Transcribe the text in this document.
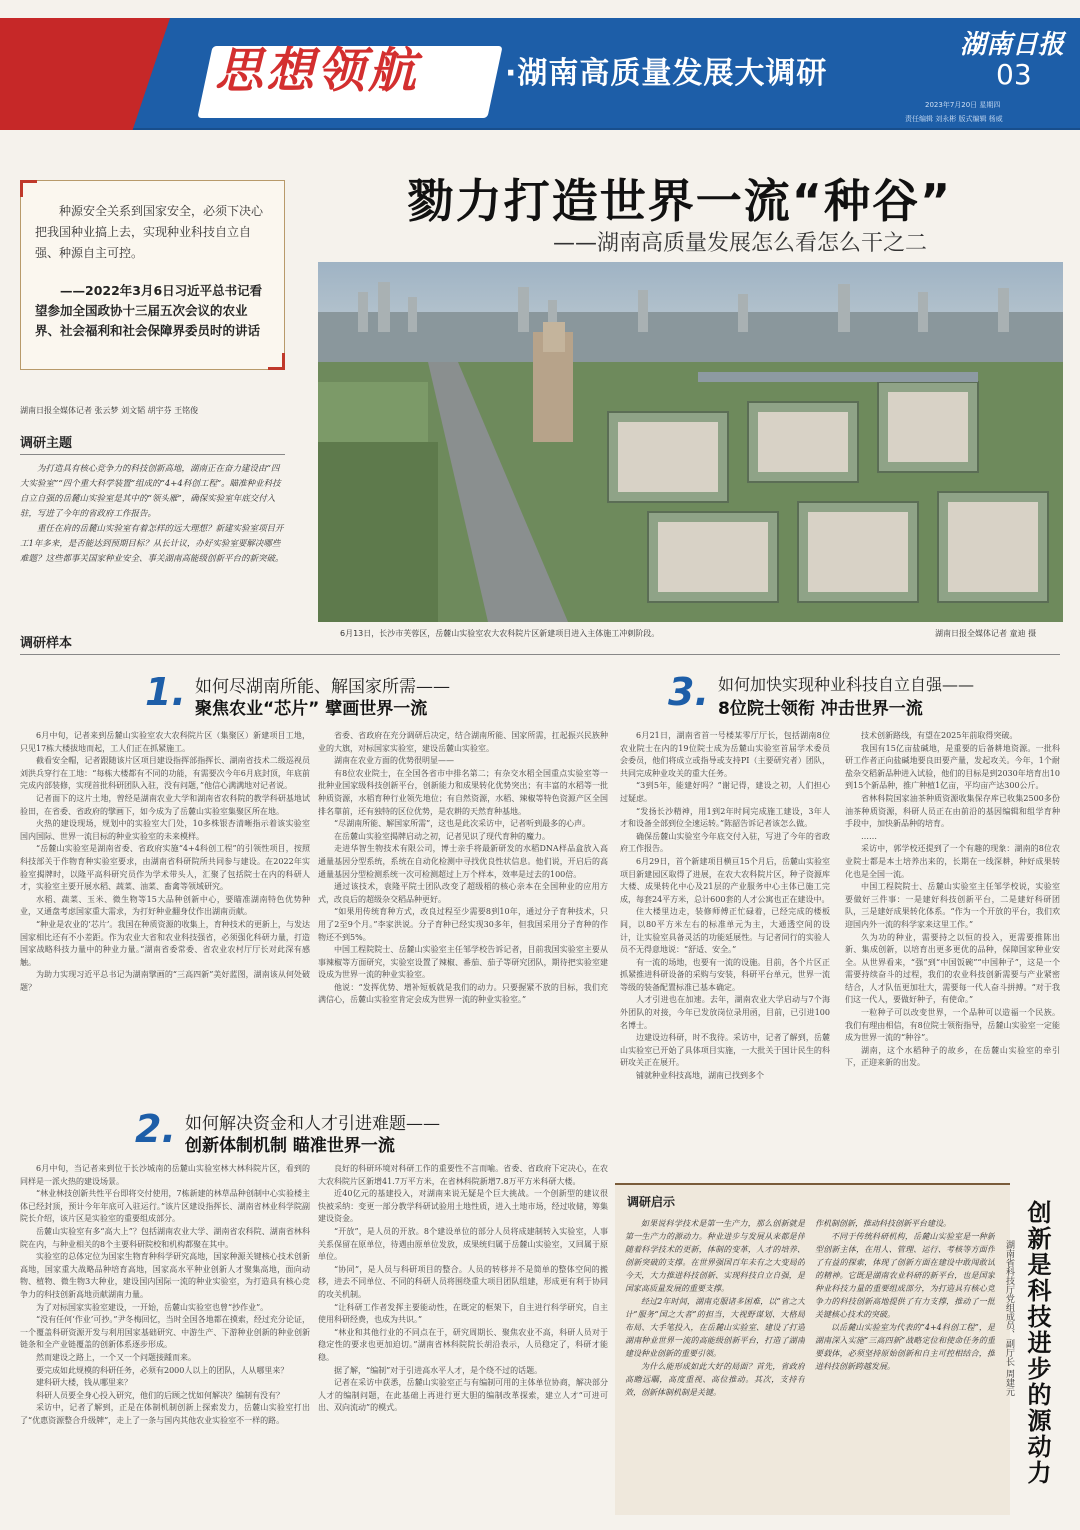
思想领航	·湖南高质量发展大调研
湖南日报
03
2023年7月20日 星期四
责任编辑 刘永彬 版式编辑 杨威
勠力打造世界一流“种谷”
——湖南高质量发展怎么看怎么干之二
种源安全关系到国家安全，必须下决心把我国种业搞上去，实现种业科技自立自强、种源自主可控。
——2022年3月6日习近平总书记看望参加全国政协十三届五次会议的农业界、社会福利和社会保障界委员时的讲话
湖南日报全媒体记者 张云梦 刘文韬 胡宇芬 王铭俊
调研主题

为打造具有核心竞争力的科技创新高地，湖南正在奋力建设由“四大实验室”“四个重大科学装置”组成的“4+4科创工程”。瞄准种业科技自立自强的岳麓山实验室是其中的“领头雁”，确保实验室年底交付入驻，写进了今年的省政府工作报告。

重任在肩的岳麓山实验室有着怎样的远大理想？新建实验室项目开工1年多来，是否能达到预期目标？从长计议，办好实验室要解决哪些难题？这些都事关国家种业安全、事关湖南高能级创新平台的新突破。

调研样本
6月13日，长沙市芙蓉区，岳麓山实验室农大农科院片区新建项目进入主体施工冲刺阶段。	湖南日报全媒体记者 童迪 摄
1. 如何尽湖南所能、解国家所需——
聚焦农业“芯片” 擘画世界一流

6月中旬，记者来到岳麓山实验室农大农科院片区（集聚区）新建项目工地，只见17栋大楼拔地而起，工人们正在抓紧施工。

截看安全帽，记者跟随该片区项目建设指挥部指挥长、湖南省技术二级巡视员刘洪兵穿行在工地：“每栋大楼都有不同的功能，有需要次今年6月底封顶，年底前完成内部装修，实现首批科研团队入驻，没有问题，”他信心满满地对记者说。

记者面下的这片土地，曾经是湖南农业大学和湖南省农科院的教学科研基地试验田，在省委、省政府的擘画下，如今成为了岳麓山实验室集聚区所在地。

火热的建设现场，规划中的实验室大门处，10多株银杏清晰指示着该实验室国内国际、世界一流目标的种业实验室的未来模样。

“岳麓山实验室是湖南省委、省政府实施“4+4科创工程”的引领性项目，按照科技部关于作物育种实验室要求，由湖南省科研院所共同参与建设。在2022年实验室揭牌时，以隆平高科研究员作为学术带头人，汇聚了包括院士在内的科研人才，实验室主要开展水稻、蔬菜、油菜、畜禽等领域研究。

水稻、蔬菜、玉米、微生物等15大品种创新中心，要瞄准湖南特色优势种业，又通盘考虑国家重大需求，为打好种业翻身仗作出湖南贡献。

“种业是农业的‘芯片’。我国在种质资源的收集上，育种技术的更新上，与发达国家相比还有不小差距。作为农业大省和农业科技强省，必须强化科研力量，打造国家战略科技力量中的种业力量。”湖南省委常委、省农业农村厅厅长对此深有感触。

为助力实现习近平总书记为湖南擘画的“三高四新”美好蓝图，湖南该从何处破题？

省委、省政府在充分调研后决定，结合湖南所能、国家所需，扛起振兴民族种业的大旗，对标国家实验室，建设岳麓山实验室。

湖南在农业方面的优势很明显——

有8位农业院士，在全国各省市中排名第二；有杂交水稻全国重点实验室等一批种业国家级科技创新平台，创新能力和成果转化优势突出；有丰富的水稻等一批种质资源，水稻育种行业领先地位；有自然资源，水稻、辣椒等特色资源产区全国排名靠前，还有独特的区位优势，是农耕的天然育种基地。

“尽湖南所能、解国家所需”，这也是此次采访中，记者听到最多的心声。

在岳麓山实验室揭牌启动之初，记者见识了现代育种的魔力。

走进华智生物技术有限公司，博士亲手将最新研发的水稻DNA样品盒放入高通量基因分型系统，系统在自动化检测中寻找优良性状信息。他们说，开启后的高通量基因分型检测系统一次可检测超过上万个样本，效率是过去的100倍。

通过该技术，袁隆平院士团队改变了超级稻的核心亲本在全国种业的应用方式，改良后的超级杂交稻品种更好。

“如果用传统育种方式，改良过程至少需要8到10年，通过分子育种技术，只用了2至9个月。”李家洪说。分子育种已经实现30多年，但我国采用分子育种的作物还不到5%。

中国工程院院士、岳麓山实验室主任邹学校告诉记者，目前我国实验室主要从事辣椒等方面研究，实验室设置了辣椒、番茄、茄子等研究团队，期待把实验室建设成为世界一流的种业实验室。

他说：“发挥优势、增补短板就是我们的动力。只要握紧不放的目标，我们充满信心，岳麓山实验室肯定会成为世界一流的种业实验室。”

2. 如何解决资金和人才引进难题——
创新体制机制 瞄准世界一流

6月中旬，当记者来到位于长沙城南的岳麓山实验室林大林科院片区，看到的同样是一派火热的建设场景。

“林业林技创新共性平台即将交付使用，7栋新建的林草品种创制中心实验楼主体已经封顶，预计今年年底可入驻运行。”该片区建设指挥长、湖南省林业科学院副院长介绍，该片区是实验室的重要组成部分。

岳麓山实验室有多“高大上”？包括湖南农业大学、湖南省农科院、湖南省林科院在内，与种业相关的8个主要科研院校和机构都聚在其中。

实验室的总体定位为国家生物育种科学研究高地，国家种源关键核心技术创新高地，国家重大战略品种培育高地，国家高水平种业创新人才聚集高地，面向动物、植物、微生物3大种业，建设国内国际一流的种业实验室，为打造具有核心竞争力的科技创新高地贡献湖南力量。

为了对标国家实验室建设，一开始，岳麓山实验室也曾“抄作业”。

“没有任何‘作业’可抄。”尹冬梅回忆，当时全国各地都在摸索，经过充分论证，一个覆盖科研资源开发与利用国家基础研究、中游生产、下游种业创新的种业创新链条和全产业链覆盖的创新体系逐步形成。

然而建设之路上，一个又一个问题接踵而来。

要完成如此规模的科研任务，必须有2000人以上的团队，人从哪里来？

建科研大楼，钱从哪里来？

科研人员要全身心投入研究，他们的后顾之忧如何解决？编制有没有？

采访中，记者了解到，正是在体制机制创新上探索发力，岳麓山实验室打出了“优惠资源整合升级牌”，走上了一条与国内其他农业实验室不一样的路。

良好的科研环境对科研工作的重要性不言而喻。省委、省政府下定决心，在农大农科院片区新增41.7万平方米，在省林科院新增7.8万平方米科研大楼。

近40亿元的基建投入，对湖南来说无疑是个巨大挑战。一个创新型的建议很快被采纳：变更一部分教学科研试验用土地性质，进入土地市场，经过收储，筹集建设资金。

“开放”，是人员的开放。8个建设单位的部分人员将成建制转入实验室，人事关系保留在原单位，待遇由原单位发放，成果统归属于岳麓山实验室，又回属于原单位。

“协同”，是人员与科研项目的整合。人员的转移并不是简单的整体空间的搬移，进去不同单位、不同的科研人员将围绕重大项目团队组建，形成更有利于协同的攻关机制。

“让科研工作者发挥主要能动性，在既定的框架下，自主进行科学研究，自主使用科研经费，也成为共识。”

“林业和其他行业的不同点在于，研究周期长、聚焦农业不高，科研人员对于稳定性的要求也更加迫切。”湖南省林科院院长胡沿表示，人员稳定了，科研才能稳。

据了解，“编制”对于引进高水平人才，是个绕不过的话题。

记者在采访中获悉，岳麓山实验室正与有编制可用的主体单位协商，解决部分人才的编制问题，在此基础上再进行更大胆的编制改革探索，建立人才“可进可出、双向流动”的模式。

3. 如何加快实现种业科技自立自强——
8位院士领衔 冲击世界一流

6月21日，湖南省首一号楼某零厅厅长，包括湖南8位农业院士在内的19位院士成为岳麓山实验室首届学术委员会委员，他们将成立或指导或支持PI（主要研究者）团队，共同完成种业攻关的重大任务。

“3到5年，能建好吗？”谢记得，建设之初，人们担心过疑虑。

“发扬长沙精神，用1到2年时间完成施工建设，3年人才和设备全部到位全速运转。”陈韶告诉记者该怎么做。

确保岳麓山实验室今年底交付入驻，写进了今年的省政府工作报告。

6月29日，首个新建项目横亘15个月后，岳麓山实验室项目新建园区取得了进展，在农大农科院片区，种子资源库大楼、成果转化中心及21层的产业服务中心主体已施工完成，每套24平方米，总计600套的人才公寓也正在建设中。

住大楼里边走，装修师傅正忙碌着，已经完成的楼板间，以80平方米左右的标准单元为主，大通透空间的设计，让实验室具备灵活的功能延展性。与记者同行的实验人员不无得意地说：“舒适、安全。”

有一流的场地，也要有一流的设施。目前，各个片区正抓紧推进科研设备的采购与安装，科研平台单元，世界一流等级的装备配置标准已基本确定。

人才引进也在加速。去年，湖南农业大学启动与7个海外团队的对接，今年已发放岗位录用函，目前，已引进100名博士。

边建设边科研，时不我待。采访中，记者了解到，岳麓山实验室已开始了具体项目实施，一大批关于国计民生的科研攻关正在展开。

铺就种业科技高地，湖南已找到多个

技术创新路线，有望在2025年前取得突破。

我国有15亿亩盐碱地，是重要的后备耕地资源。一批科研工作者正向盐碱地要良田要产量，发起攻关。今年，1个耐盐杂交稻新品种进入试验，他们的目标是到2030年培育出10到15个新品种，推广种植1亿亩，平均亩产达300公斤。

省林科院国家油茶种质资源收集保存库已收集2500多份油茶种质资源，科研人员正在由前沿的基因编辑和组学育种手段中，加快新品种的培育。

……

采访中，郭学校还提到了一个有趣的现象：湖南的8位农业院士都是本土培养出来的，长期在一线深耕，种好成果转化也是全国一流。

中国工程院院士、岳麓山实验室主任邹学校说，实验室要做好三件事：一是建好科技创新平台，二是建好科研团队，三是建好成果转化体系。“作为一个开放的平台，我们欢迎国内外一流的科学家来这里工作。”

久为功的种业，需要持之以恒的投入，更需要推陈出新、集成创新，以培育出更多更优的品种，保障国家种业安全。从世界看来，“强”到“中国饭碗”“中国种子”，这是一个需要持续奋斗的过程，我们的农业科技创新需要与产业紧密结合，人才队伍更加壮大，需要每一代人奋斗拼搏。“对于我们这一代人，要做好种子，有使命。”

一粒种子可以改变世界，一个品种可以造福一个民族。我们有理由相信，有8位院士领衔指导，岳麓山实验室一定能成为世界一流的“种谷”。

湖南，这个水稻种子的故乡，在岳麓山实验室的牵引下，正迎来新的出发。

调研启示

如果说科学技术是第一生产力，那么创新就是第一生产力的源动力。种业进步与发展从来都是伴随着科学技术的更新，体制的变革，人才的培养、创新突破的支撑。在世界强国百年未有之大变局的今天，大力推进科技创新、实现科技自立自强，是国家高质量发展的重要支撑。

经过2年时间，湖南克服诸多困难，以“省之大计”服务“国之大者”的担当，大视野谋划、大格局布局、大手笔投入，在岳麓山实验室、建设了打造湖南种业世界一流的高能级创新平台，打造了湖南建设种业创新的重要引领。

为什么能形成如此大好的局面？首先，省政府高瞻远瞩，高度重视、高位推动。其次，支持有效，创新体制机制是关键。

作机制创新，推动科技创新平台建设。

不同于传统科研机构，岳麓山实验室是一种新型创新主体，在用人、管理、运行、考核等方面作了有益的探索，体现了创新方面在建设中敢闯敢试的精神。它既是湖南农业科研的新平台，也是国家种业科技力量的重要组成部分，为打造具有核心竞争力的科技创新高地提供了有力支撑，推动了一批关键核心技术的突破。

以岳麓山实验室为代表的“4+4科创工程”，是湖南深入实施“三高四新”战略定位和使命任务的重要载体，必须坚持原始创新和自主可控相结合，推进科技创新跨越发展。	创新是科技进步的源动力
湖南省科技厅党组成员、副厅长 周建元
